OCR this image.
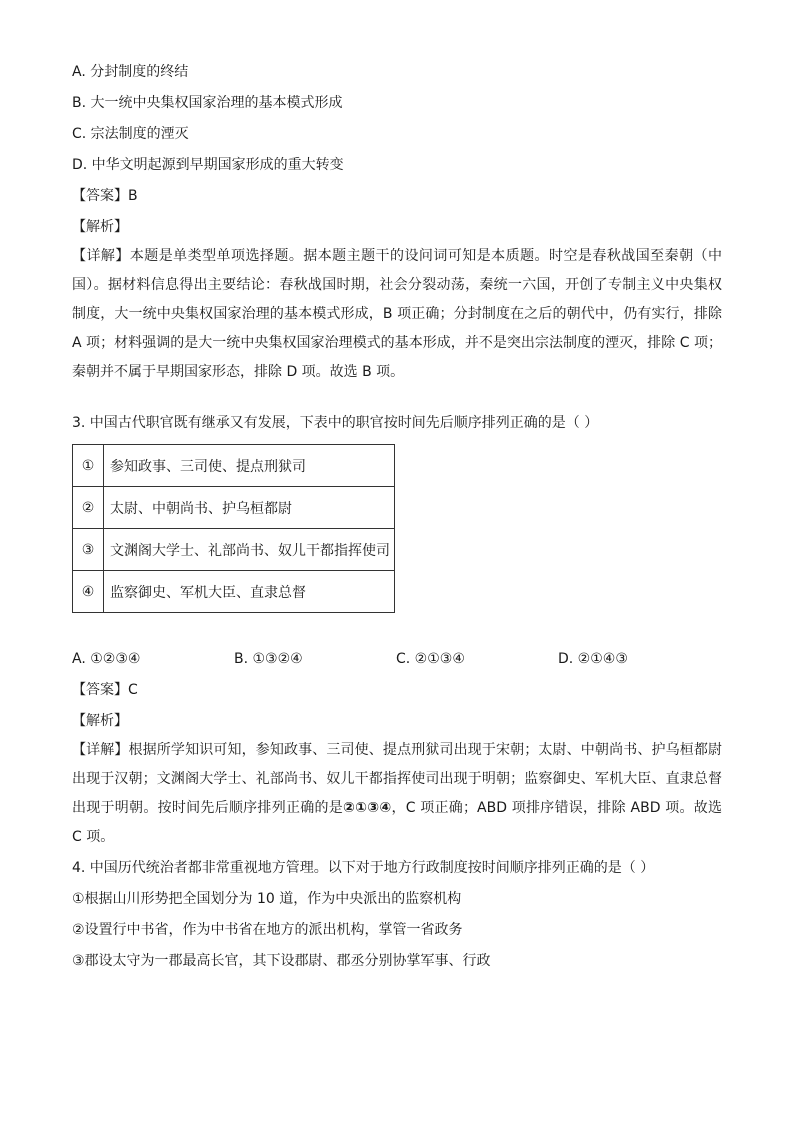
A. 分封制度的终结
B. 大一统中央集权国家治理的基本模式形成
C. 宗法制度的湮灭
D. 中华文明起源到早期国家形成的重大转变
【答案】B
【解析】
【详解】本题是单类型单项选择题。据本题主题干的设问词可知是本质题。时空是春秋战国至秦朝（中国）。据材料信息得出主要结论：春秋战国时期，社会分裂动荡，秦统一六国，开创了专制主义中央集权制度，大一统中央集权国家治理的基本模式形成，B 项正确；分封制度在之后的朝代中，仍有实行，排除 A 项；材料强调的是大一统中央集权国家治理模式的基本形成，并不是突出宗法制度的湮灭，排除 C 项；秦朝并不属于早期国家形态，排除 D 项。故选 B 项。
3. 中国古代职官既有继承又有发展，下表中的职官按时间先后顺序排列正确的是（ ）
①	参知政事、三司使、提点刑狱司
②	太尉、中朝尚书、护乌桓都尉
③	文渊阁大学士、礼部尚书、奴儿干都指挥使司
④	监察御史、军机大臣、直隶总督
A. ①②③④	B. ①③②④	C. ②①③④	D. ②①④③
【答案】C
【解析】
【详解】根据所学知识可知，参知政事、三司使、提点刑狱司出现于宋朝；太尉、中朝尚书、护乌桓都尉出现于汉朝；文渊阁大学士、礼部尚书、奴儿干都指挥使司出现于明朝；监察御史、军机大臣、直隶总督出现于明朝。按时间先后顺序排列正确的是②①③④，C 项正确；ABD 项排序错误，排除 ABD 项。故选 C 项。
4. 中国历代统治者都非常重视地方管理。以下对于地方行政制度按时间顺序排列正确的是（ ）
①根据山川形势把全国划分为 10 道，作为中央派出的监察机构
②设置行中书省，作为中书省在地方的派出机构，掌管一省政务
③郡设太守为一郡最高长官，其下设郡尉、郡丞分别协掌军事、行政
